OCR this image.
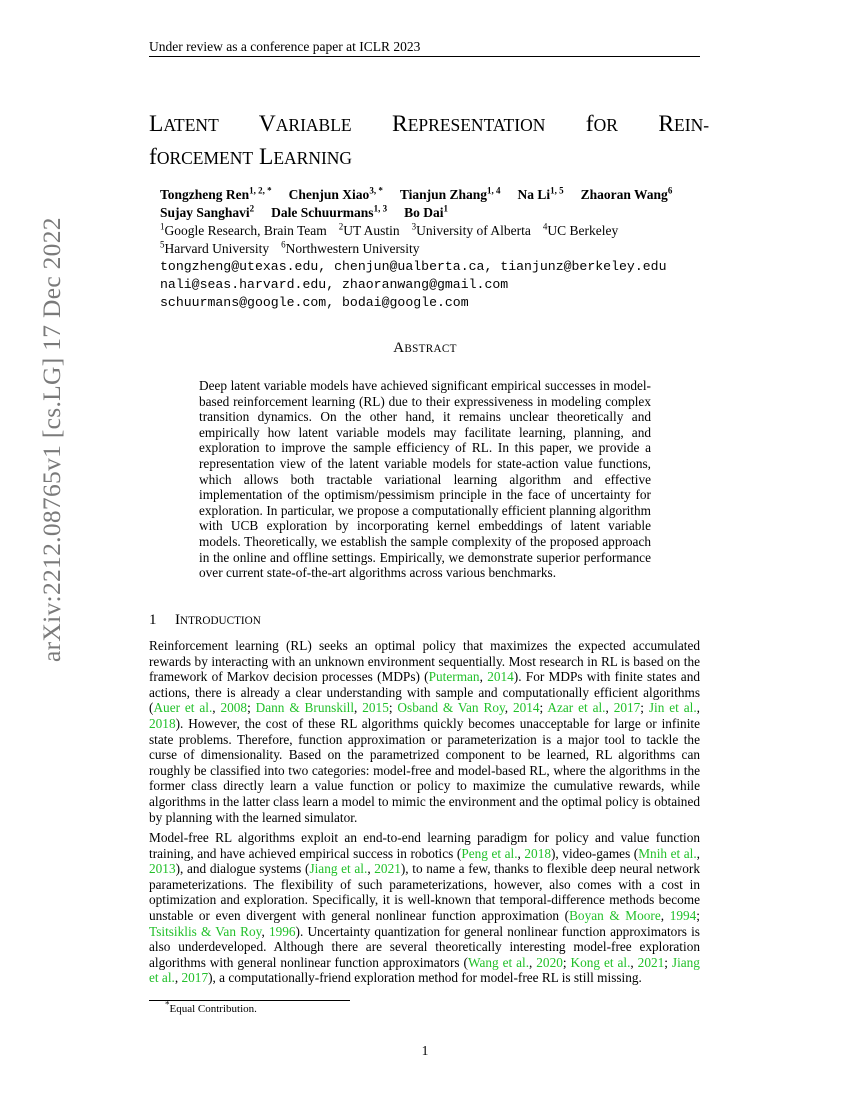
Under review as a conference paper at ICLR 2023
arXiv:2212.08765v1 [cs.LG] 17 Dec 2022
LATENT VARIABLE REPRESENTATION fOR REIN-
fORCEMENT LEARNING
Tongzheng Ren$^{1, 2, *}$ Chenjun Xiao$^{3, *}$ Tianjun Zhang$^{1, 4}$ Na Li$^{1, 5}$ Zhaoran Wang$^6$
Sujay Sanghavi$^2$ Dale Schuurmans$^{1, 3}$ Bo Dai$^1$
$^1$Google Research, Brain Team $^2$UT Austin $^3$University of Alberta $^4$UC Berkeley
$^5$Harvard University $^6$Northwestern University
tongzheng@utexas.edu, chenjun@ualberta.ca, tianjunz@berkeley.edu
nali@seas.harvard.edu, zhaoranwang@gmail.com
schuurmans@google.com, bodai@google.com
ABSTRACT
Deep latent variable models have achieved significant empirical successes in model-based reinforcement learning (RL) due to their expressiveness in modeling complex transition dynamics. On the other hand, it remains unclear theoretically and empirically how latent variable models may facilitate learning, planning, and exploration to improve the sample efficiency of RL. In this paper, we provide a representation view of the latent variable models for state-action value functions, which allows both tractable variational learning algorithm and effective implementation of the optimism/pessimism principle in the face of uncertainty for exploration. In particular, we propose a computationally efficient planning algorithm with UCB exploration by incorporating kernel embeddings of latent variable models. Theoretically, we establish the sample complexity of the proposed approach in the online and offline settings. Empirically, we demonstrate superior performance over current state-of-the-art algorithms across various benchmarks.
1 INTRODUCTION
Reinforcement learning (RL) seeks an optimal policy that maximizes the expected accumulated rewards by interacting with an unknown environment sequentially. Most research in RL is based on the framework of Markov decision processes (MDPs) (Puterman, 2014). For MDPs with finite states and actions, there is already a clear understanding with sample and computationally efficient algorithms (Auer et al., 2008; Dann & Brunskill, 2015; Osband & Van Roy, 2014; Azar et al., 2017; Jin et al., 2018). However, the cost of these RL algorithms quickly becomes unacceptable for large or infinite state problems. Therefore, function approximation or parameterization is a major tool to tackle the curse of dimensionality. Based on the parametrized component to be learned, RL algorithms can roughly be classified into two categories: model-free and model-based RL, where the algorithms in the former class directly learn a value function or policy to maximize the cumulative rewards, while algorithms in the latter class learn a model to mimic the environment and the optimal policy is obtained by planning with the learned simulator.
Model-free RL algorithms exploit an end-to-end learning paradigm for policy and value function training, and have achieved empirical success in robotics (Peng et al., 2018), video-games (Mnih et al., 2013), and dialogue systems (Jiang et al., 2021), to name a few, thanks to flexible deep neural network parameterizations. The flexibility of such parameterizations, however, also comes with a cost in optimization and exploration. Specifically, it is well-known that temporal-difference methods become unstable or even divergent with general nonlinear function approximation (Boyan & Moore, 1994; Tsitsiklis & Van Roy, 1996). Uncertainty quantization for general nonlinear function approximators is also underdeveloped. Although there are several theoretically interesting model-free exploration algorithms with general nonlinear function approximators (Wang et al., 2020; Kong et al., 2021; Jiang et al., 2017), a computationally-friend exploration method for model-free RL is still missing.
*Equal Contribution.
1
